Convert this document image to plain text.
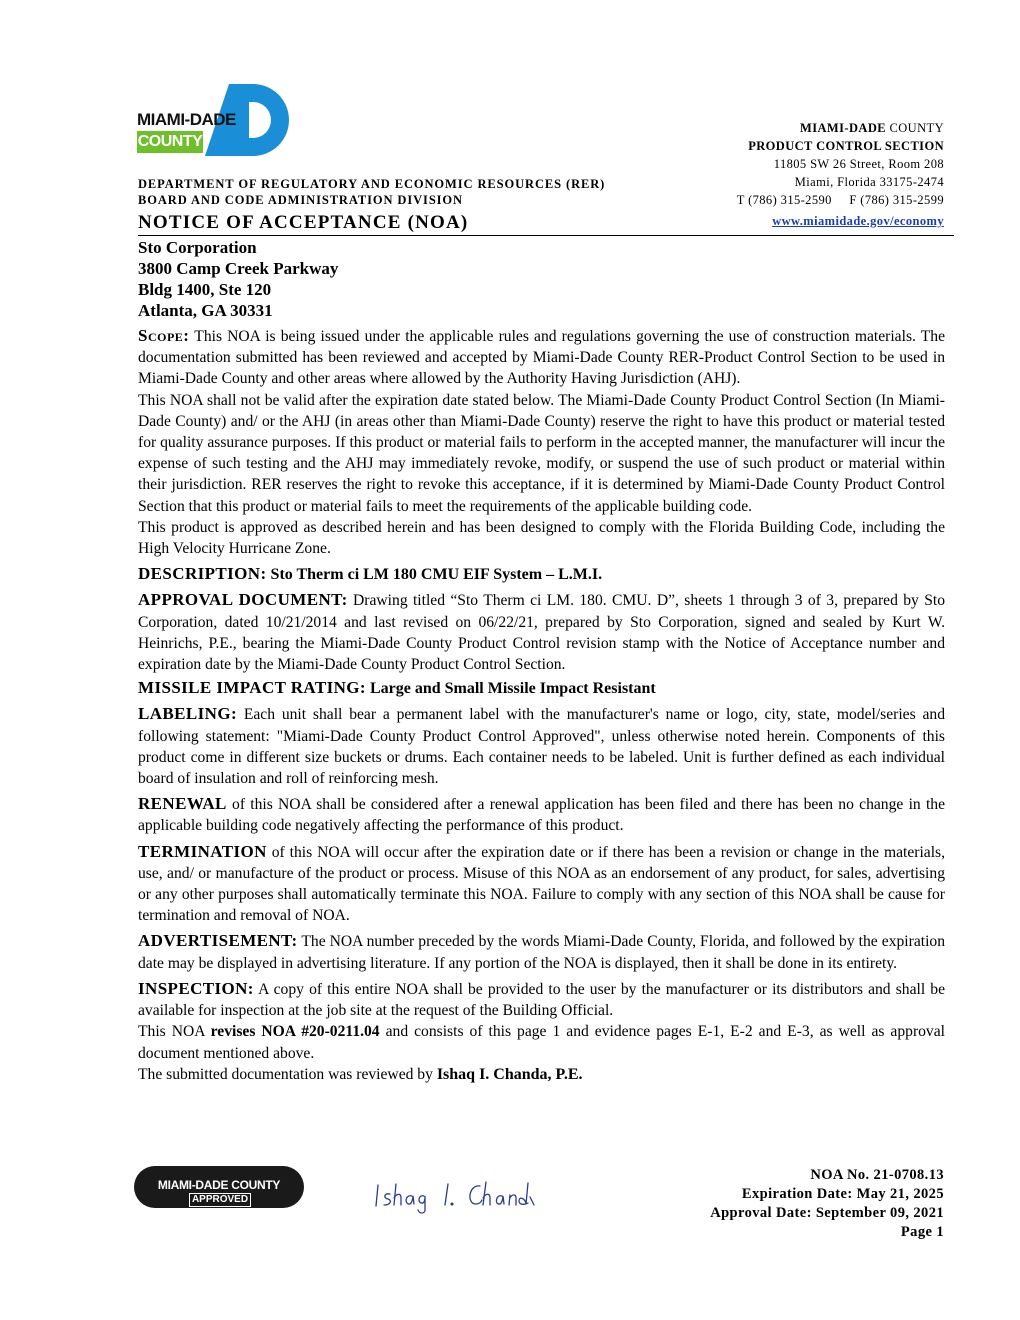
MIAMI-DADE
COUNTY
MIAMI-DADE COUNTY
PRODUCT CONTROL SECTION
11805 SW 26 Street, Room 208
Miami, Florida 33175-2474
T (786) 315-2590     F (786) 315-2599
www.miamidade.gov/economy
DEPARTMENT OF REGULATORY AND ECONOMIC RESOURCES (RER)
BOARD AND CODE ADMINISTRATION DIVISION
NOTICE OF ACCEPTANCE (NOA)
Sto Corporation
3800 Camp Creek Parkway
Bldg 1400, Ste 120
Atlanta, GA 30331

Scope: This NOA is being issued under the applicable rules and regulations governing the use of construction materials. The documentation submitted has been reviewed and accepted by Miami-Dade County RER-Product Control Section to be used in Miami-Dade County and other areas where allowed by the Authority Having Jurisdiction (AHJ).

This NOA shall not be valid after the expiration date stated below. The Miami-Dade County Product Control Section (In Miami-Dade County) and/ or the AHJ (in areas other than Miami-Dade County) reserve the right to have this product or material tested for quality assurance purposes. If this product or material fails to perform in the accepted manner, the manufacturer will incur the expense of such testing and the AHJ may immediately revoke, modify, or suspend the use of such product or material within their jurisdiction. RER reserves the right to revoke this acceptance, if it is determined by Miami-Dade County Product Control Section that this product or material fails to meet the requirements of the applicable building code.

This product is approved as described herein and has been designed to comply with the Florida Building Code, including the High Velocity Hurricane Zone.

DESCRIPTION: Sto Therm ci LM 180 CMU EIF System – L.M.I.

APPROVAL DOCUMENT: Drawing titled “Sto Therm ci LM. 180. CMU. D”, sheets 1 through 3 of 3, prepared by Sto Corporation, dated 10/21/2014 and last revised on 06/22/21, prepared by Sto Corporation, signed and sealed by Kurt W. Heinrichs, P.E., bearing the Miami-Dade County Product Control revision stamp with the Notice of Acceptance number and expiration date by the Miami-Dade County Product Control Section.

MISSILE IMPACT RATING: Large and Small Missile Impact Resistant

LABELING: Each unit shall bear a permanent label with the manufacturer's name or logo, city, state, model/series and following statement: "Miami-Dade County Product Control Approved", unless otherwise noted herein. Components of this product come in different size buckets or drums. Each container needs to be labeled. Unit is further defined as each individual board of insulation and roll of reinforcing mesh.

RENEWAL of this NOA shall be considered after a renewal application has been filed and there has been no change in the applicable building code negatively affecting the performance of this product.

TERMINATION of this NOA will occur after the expiration date or if there has been a revision or change in the materials, use, and/ or manufacture of the product or process. Misuse of this NOA as an endorsement of any product, for sales, advertising or any other purposes shall automatically terminate this NOA. Failure to comply with any section of this NOA shall be cause for termination and removal of NOA.

ADVERTISEMENT: The NOA number preceded by the words Miami-Dade County, Florida, and followed by the expiration date may be displayed in advertising literature. If any portion of the NOA is displayed, then it shall be done in its entirety.

INSPECTION: A copy of this entire NOA shall be provided to the user by the manufacturer or its distributors and shall be available for inspection at the job site at the request of the Building Official.

This NOA revises NOA #20-0211.04 and consists of this page 1 and evidence pages E-1, E-2 and E-3, as well as approval document mentioned above.

The submitted documentation was reviewed by Ishaq I. Chanda, P.E.

MIAMI-DADE COUNTY
APPROVED
NOA No. 21-0708.13
Expiration Date: May 21, 2025
Approval Date: September 09, 2021
Page 1
